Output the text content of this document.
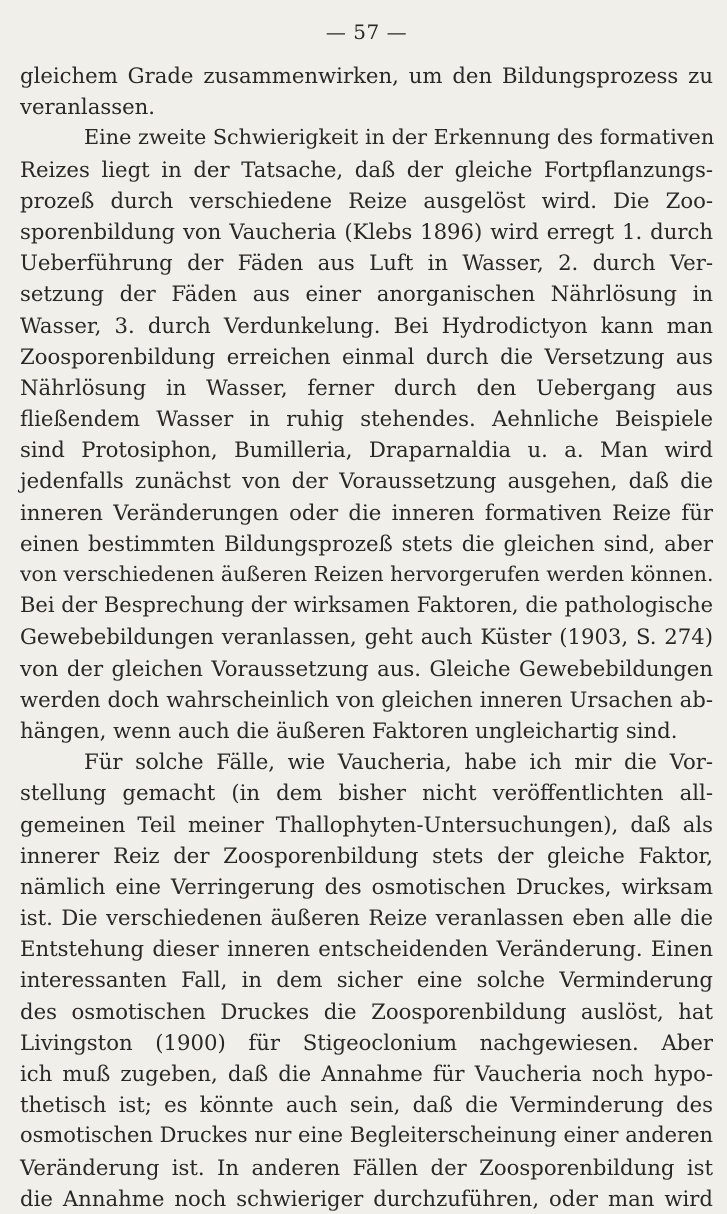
— 57 —
gleichem Grade zusammenwirken, um den Bildungsprozess zu
veranlassen.
Eine zweite Schwierigkeit in der Erkennung des formativen
Reizes liegt in der Tatsache, daß der gleiche Fortpflanzungs-
prozeß durch verschiedene Reize ausgelöst wird. Die Zoo-
sporenbildung von Vaucheria (Klebs 1896) wird erregt 1. durch
Ueberführung der Fäden aus Luft in Wasser, 2. durch Ver-
setzung der Fäden aus einer anorganischen Nährlösung in
Wasser, 3. durch Verdunkelung. Bei Hydrodictyon kann man
Zoosporenbildung erreichen einmal durch die Versetzung aus
Nährlösung in Wasser, ferner durch den Uebergang aus
fließendem Wasser in ruhig stehendes. Aehnliche Beispiele
sind Protosiphon, Bumilleria, Draparnaldia u. a. Man wird
jedenfalls zunächst von der Voraussetzung ausgehen, daß die
inneren Veränderungen oder die inneren formativen Reize für
einen bestimmten Bildungsprozeß stets die gleichen sind, aber
von verschiedenen äußeren Reizen hervorgerufen werden können.
Bei der Besprechung der wirksamen Faktoren, die pathologische
Gewebebildungen veranlassen, geht auch Küster (1903, S. 274)
von der gleichen Voraussetzung aus. Gleiche Gewebebildungen
werden doch wahrscheinlich von gleichen inneren Ursachen ab-
hängen, wenn auch die äußeren Faktoren ungleichartig sind.
Für solche Fälle, wie Vaucheria, habe ich mir die Vor-
stellung gemacht (in dem bisher nicht veröffentlichten all-
gemeinen Teil meiner Thallophyten-Untersuchungen), daß als
innerer Reiz der Zoosporenbildung stets der gleiche Faktor,
nämlich eine Verringerung des osmotischen Druckes, wirksam
ist. Die verschiedenen äußeren Reize veranlassen eben alle die
Entstehung dieser inneren entscheidenden Veränderung. Einen
interessanten Fall, in dem sicher eine solche Verminderung
des osmotischen Druckes die Zoosporenbildung auslöst, hat
Livingston (1900) für Stigeoclonium nachgewiesen. Aber
ich muß zugeben, daß die Annahme für Vaucheria noch hypo-
thetisch ist; es könnte auch sein, daß die Verminderung des
osmotischen Druckes nur eine Begleiterscheinung einer anderen
Veränderung ist. In anderen Fällen der Zoosporenbildung ist
die Annahme noch schwieriger durchzuführen, oder man wird
